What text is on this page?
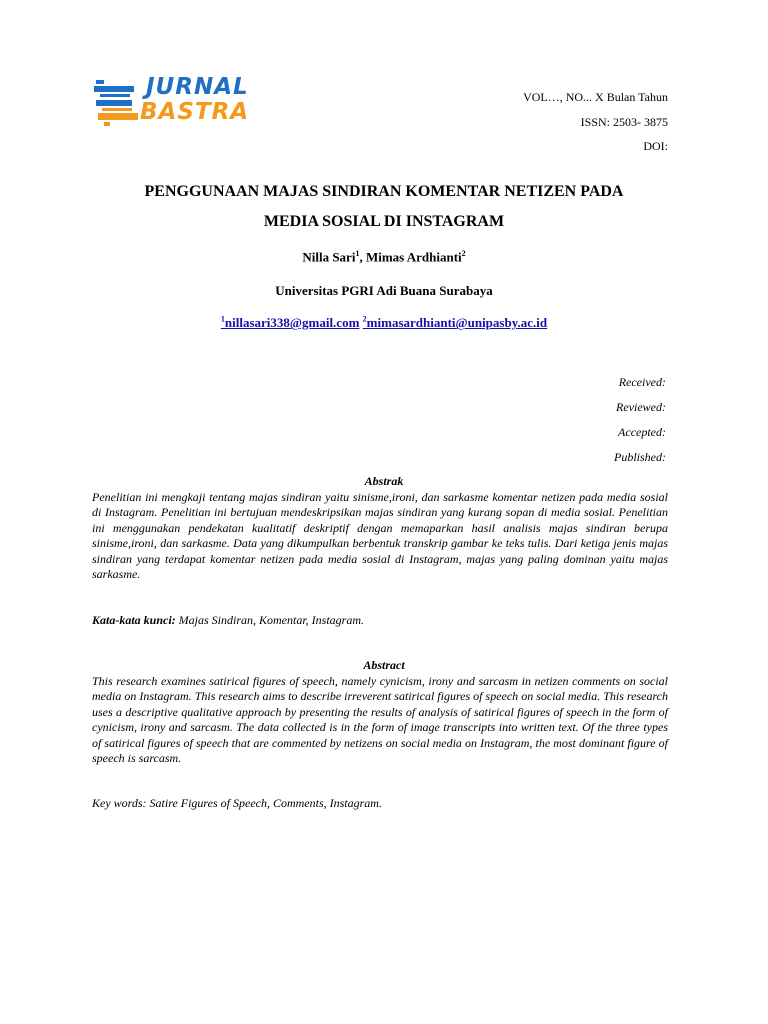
JURNAL
BASTRA
VOL…, NO... X Bulan Tahun
ISSN: 2503- 3875
DOI:
PENGGUNAAN MAJAS SINDIRAN KOMENTAR NETIZEN PADA
MEDIA SOSIAL DI INSTAGRAM
Nilla Sari$^1$, Mimas Ardhianti$^2$
Universitas PGRI Adi Buana Surabaya
$^1$nillasari338@gmail.com $^2$mimasardhianti@unipasby.ac.id
Received:
Reviewed:
Accepted:
Published:
Abstrak
Penelitian ini mengkaji tentang majas sindiran yaitu sinisme,ironi, dan sarkasme komentar netizen pada media sosial di Instagram. Penelitian ini bertujuan mendeskripsikan majas sindiran yang kurang sopan di media sosial. Penelitian ini menggunakan pendekatan kualitatif deskriptif dengan memaparkan hasil analisis majas sindiran berupa sinisme,ironi, dan sarkasme. Data yang dikumpulkan berbentuk transkrip gambar ke teks tulis. Dari ketiga jenis majas sindiran yang terdapat komentar netizen pada media sosial di Instagram, majas yang paling dominan yaitu majas sarkasme.
Kata-kata kunci: Majas Sindiran, Komentar, Instagram.
Abstract
This research examines satirical figures of speech, namely cynicism, irony and sarcasm in netizen comments on social media on Instagram. This research aims to describe irreverent satirical figures of speech on social media. This research uses a descriptive qualitative approach by presenting the results of analysis of satirical figures of speech in the form of cynicism, irony and sarcasm. The data collected is in the form of image transcripts into written text. Of the three types of satirical figures of speech that are commented by netizens on social media on Instagram, the most dominant figure of speech is sarcasm.
Key words: Satire Figures of Speech, Comments, Instagram.
